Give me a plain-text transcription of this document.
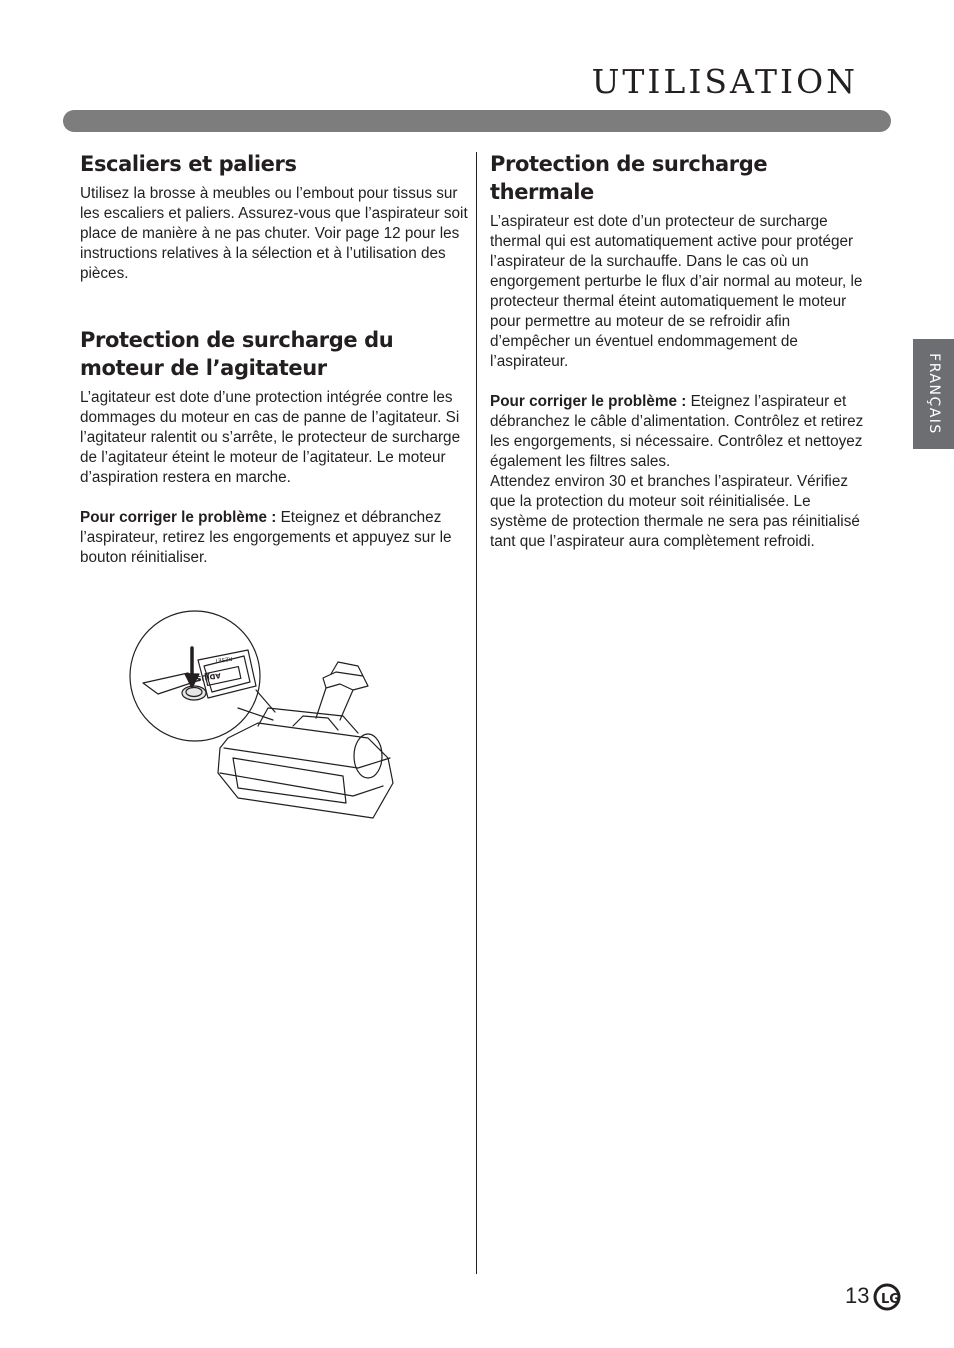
UTILISATION
Escaliers et paliers

Utilisez la brosse à meubles ou l’embout pour tissus sur les escaliers et paliers. Assurez-vous que l’aspirateur soit place de manière à ne pas chuter. Voir page 12 pour les instructions relatives à la sélection et à l’utilisation des pièces.

Protection de surcharge du moteur de l’agitateur

L’agitateur est dote d’une protection intégrée contre les dommages du moteur en cas de panne de l’agitateur. Si l’agitateur ralentit ou s’arrête, le protecteur de surcharge de l’agitateur éteint le moteur de l’agitateur. Le moteur d’aspiration restera en marche.

Pour corriger le problème : Eteignez et débranchez l’aspirateur, retirez les engorgements et appuyez sur le bouton réinitialiser.

Protection de surcharge thermale

L’aspirateur est dote d’un protecteur de surcharge thermal qui est automatiquement active pour protéger l’aspirateur de la surchauffe. Dans le cas où un engorgement perturbe le flux d’air normal au moteur, le protecteur thermal éteint automatiquement le moteur pour permettre au moteur de se refroidir afin d’empêcher un éventuel endommagement de l’aspirateur.

Pour corriger le problème : Eteignez l’aspirateur et débranchez le câble d’alimentation. Contrôlez et retirez les engorgements, si nécessaire. Contrôlez et nettoyez également les filtres sales.

Attendez environ 30 et branches l’aspirateur. Vérifiez que la protection du moteur soit réinitialisée. Le système de protection thermale ne sera pas réinitialisé tant que l’aspirateur aura complètement refroidi.

FRANÇAIS
ADJUST
RESET
13 LG
